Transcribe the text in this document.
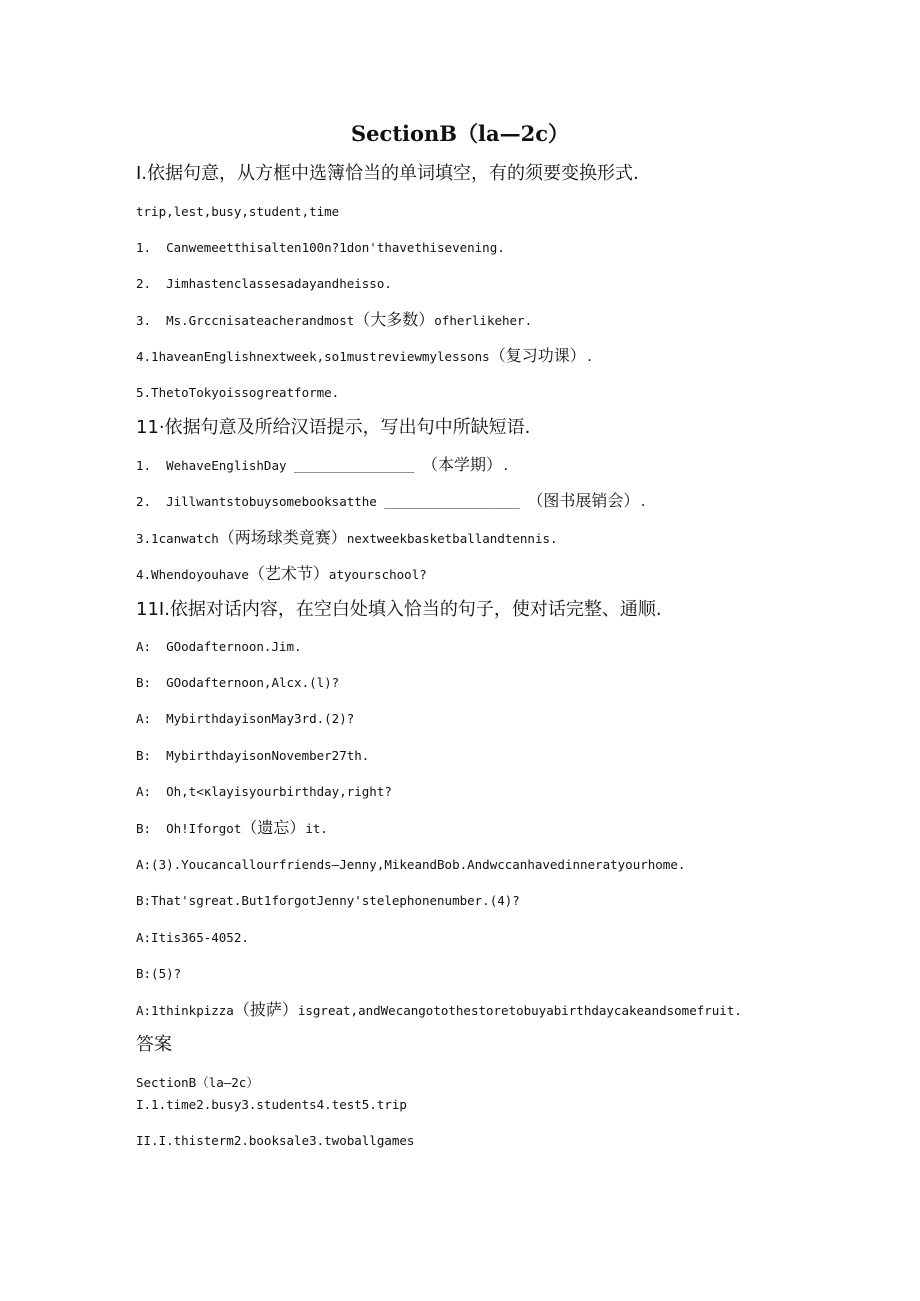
SectionB（la—2c）
I.依据句意，从方框中选簿恰当的单词填空，有的须要变换形式.
trip,lest,busy,student,time
1.  Canwemeetthisalten100n?1don'thavethisevening.
2.  Jimhastenclassesadayandheisso.
3.  Ms.Grccnisateacherandmost（大多数）ofherlikeher.
4.1haveanEnglishnextweek,so1mustreviewmylessons（复习功课）.
5.ThetoTokyoissogreatforme.
11·依据句意及所给汉语提示，写出句中所缺短语.
1.  WehaveEnglishDay ________________ （本学期）.
2.  Jillwantstobuysomebooksatthe __________________ （图书展销会）.
3.1canwatch（两场球类竟赛）nextweekbasketballandtennis.
4.Whendoyouhave（艺术节）atyourschool?
11I.依据对话内容，在空白处填入恰当的句子，使对话完整、通顺.
A:  GOodafternoon.Jim.
B:  GOodafternoon,Alcx.(l)?
A:  MybirthdayisonMay3rd.(2)?
B:  MybirthdayisonNovember27th.
A:  Oh,t<κlayisyourbirthday,right?
B:  Oh!Iforgot（遗忘）it.
A:(3).Youcancallourfriends—Jenny,MikeandBob.Andwccanhavedinneratyourhome.
B:That'sgreat.But1forgotJenny'stelephonenumber.(4)?
A:Itis365-4052.
B:(5)?
A:1thinkpizza（披萨）isgreat,andWecangotothestoretobuyabirthdaycakeandsomefruit.
答案
SectionB（la—2c）
I.1.time2.busy3.students4.test5.trip
II.I.thisterm2.booksale3.twoballgames
